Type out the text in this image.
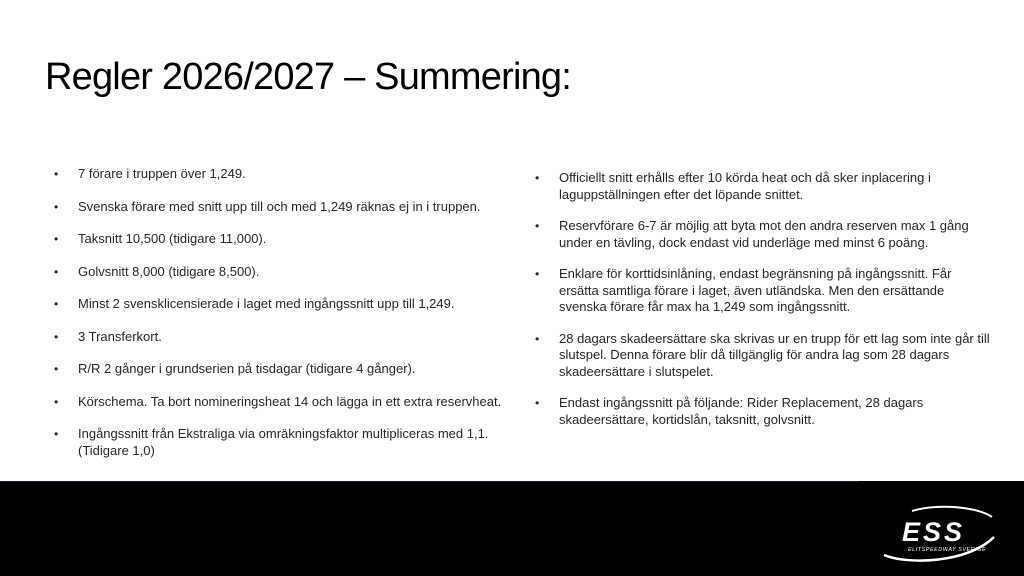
Regler 2026/2027 – Summering:
• 7 förare i truppen över 1,249.
• Svenska förare med snitt upp till och med 1,249 räknas ej in i truppen.
• Taksnitt 10,500 (tidigare 11,000).
• Golvsnitt 8,000 (tidigare 8,500).
• Minst 2 svensklicensierade i laget med ingångssnitt upp till 1,249.
• 3 Transferkort.
• R/R 2 gånger i grundserien på tisdagar (tidigare 4 gånger).
• Körschema. Ta bort nomineringsheat 14 och lägga in ett extra reservheat.
• Ingångssnitt från Ekstraliga via omräkningsfaktor multipliceras med 1,1. (Tidigare 1,0)
• Officiellt snitt erhålls efter 10 körda heat och då sker inplacering i laguppställningen efter det löpande snittet.
• Reservförare 6-7 är möjlig att byta mot den andra reserven max 1 gång under en tävling, dock endast vid underläge med minst 6 poäng.
• Enklare för korttidsinlåning, endast begränsning på ingångssnitt. Får ersätta samtliga förare i laget, även utländska. Men den ersättande svenska förare får max ha 1,249 som ingångssnitt.
• 28 dagars skadeersättare ska skrivas ur en trupp för ett lag som inte går till slutspel. Denna förare blir då tillgänglig för andra lag som 28 dagars skadeersättare i slutspelet.
• Endast ingångssnitt på följande: Rider Replacement, 28 dagars skadeersättare, kortidslån, taksnitt, golvsnitt.
ESS
ELITSPEEDWAY SVERIGE
